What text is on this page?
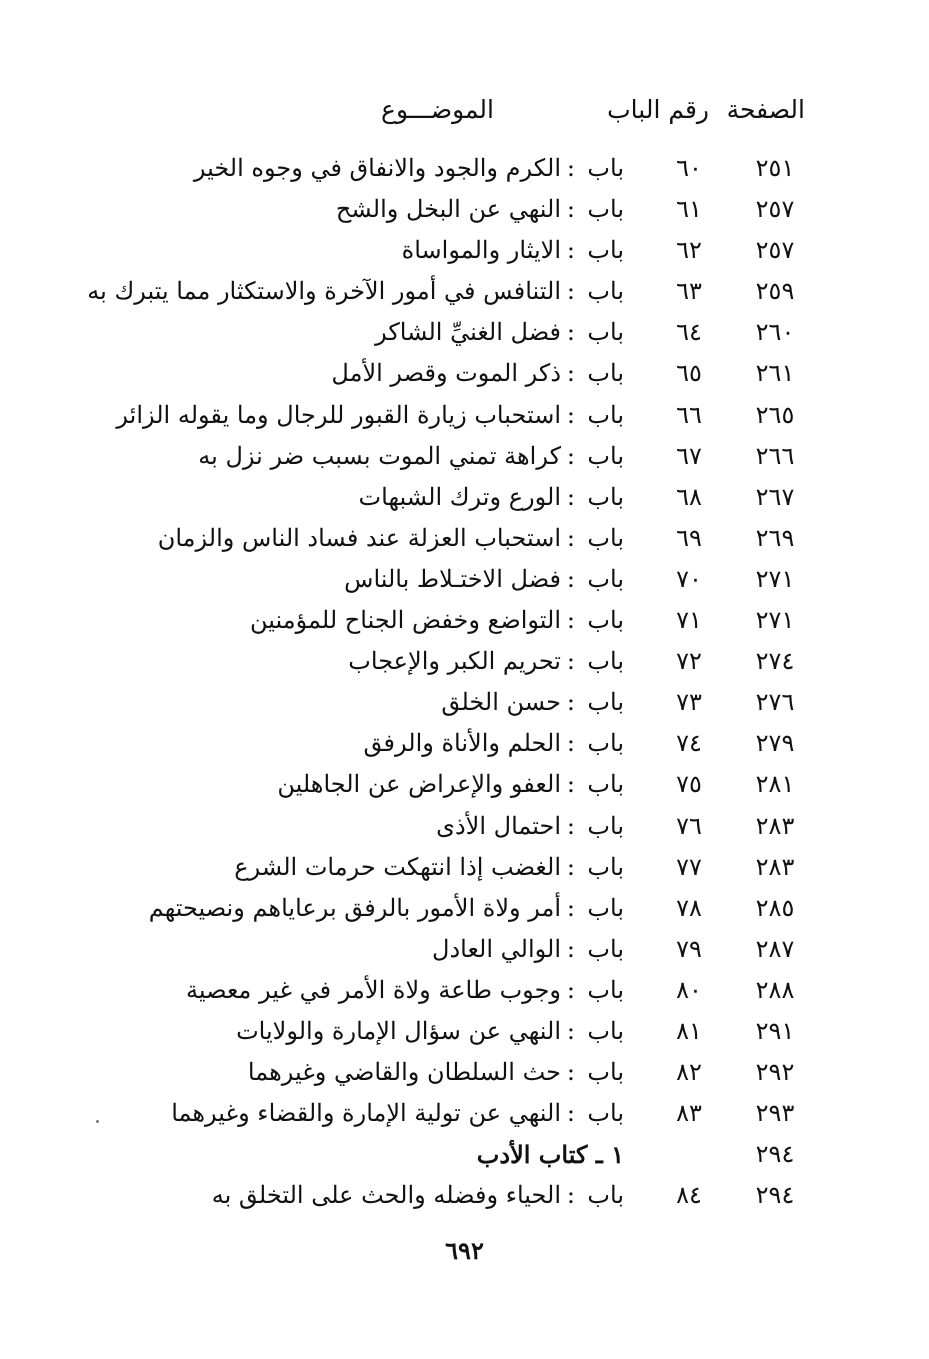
الصفحة
رقم الباب
الموضـــوع
٢٥١
٦٠
باب
:
الكرم والجود والانفاق في وجوه الخير
٢٥٧
٦١
باب
:
النهي عن البخل والشح
٢٥٧
٦٢
باب
:
الايثار والمواساة
٢٥٩
٦٣
باب
:
التنافس في أمور الآخرة والاستكثار مما يتبرك به
٢٦٠
٦٤
باب
:
فضل الغنيِّ الشاكر
٢٦١
٦٥
باب
:
ذكر الموت وقصر الأمل
٢٦٥
٦٦
باب
:
استحباب زيارة القبور للرجال وما يقوله الزائر
٢٦٦
٦٧
باب
:
كراهة تمني الموت بسبب ضر نزل به
٢٦٧
٦٨
باب
:
الورع وترك الشبهات
٢٦٩
٦٩
باب
:
استحباب العزلة عند فساد الناس والزمان
٢٧١
٧٠
باب
:
فضل الاختـلاط بالناس
٢٧١
٧١
باب
:
التواضع وخفض الجناح للمؤمنين
٢٧٤
٧٢
باب
:
تحريم الكبر والإعجاب
٢٧٦
٧٣
باب
:
حسن الخلق
٢٧٩
٧٤
باب
:
الحلم والأناة والرفق
٢٨١
٧٥
باب
:
العفو والإعراض عن الجاهلين
٢٨٣
٧٦
باب
:
احتمال الأذى
٢٨٣
٧٧
باب
:
الغضب إذا انتهكت حرمات الشرع
٢٨٥
٧٨
باب
:
أمر ولاة الأمور بالرفق برعاياهم ونصيحتهم
٢٨٧
٧٩
باب
:
الوالي العادل
٢٨٨
٨٠
باب
:
وجوب طاعة ولاة الأمر في غير معصية
٢٩١
٨١
باب
:
النهي عن سؤال الإمارة والولايات
٢٩٢
٨٢
باب
:
حث السلطان والقاضي وغيرهما
٢٩٣
٨٣
باب
:
النهي عن تولية الإمارة والقضاء وغيرهما
٢٩٤
١ ـ كتاب الأدب
٢٩٤
٨٤
باب
:
الحياء وفضله والحث على التخلق به
٦٩٢
